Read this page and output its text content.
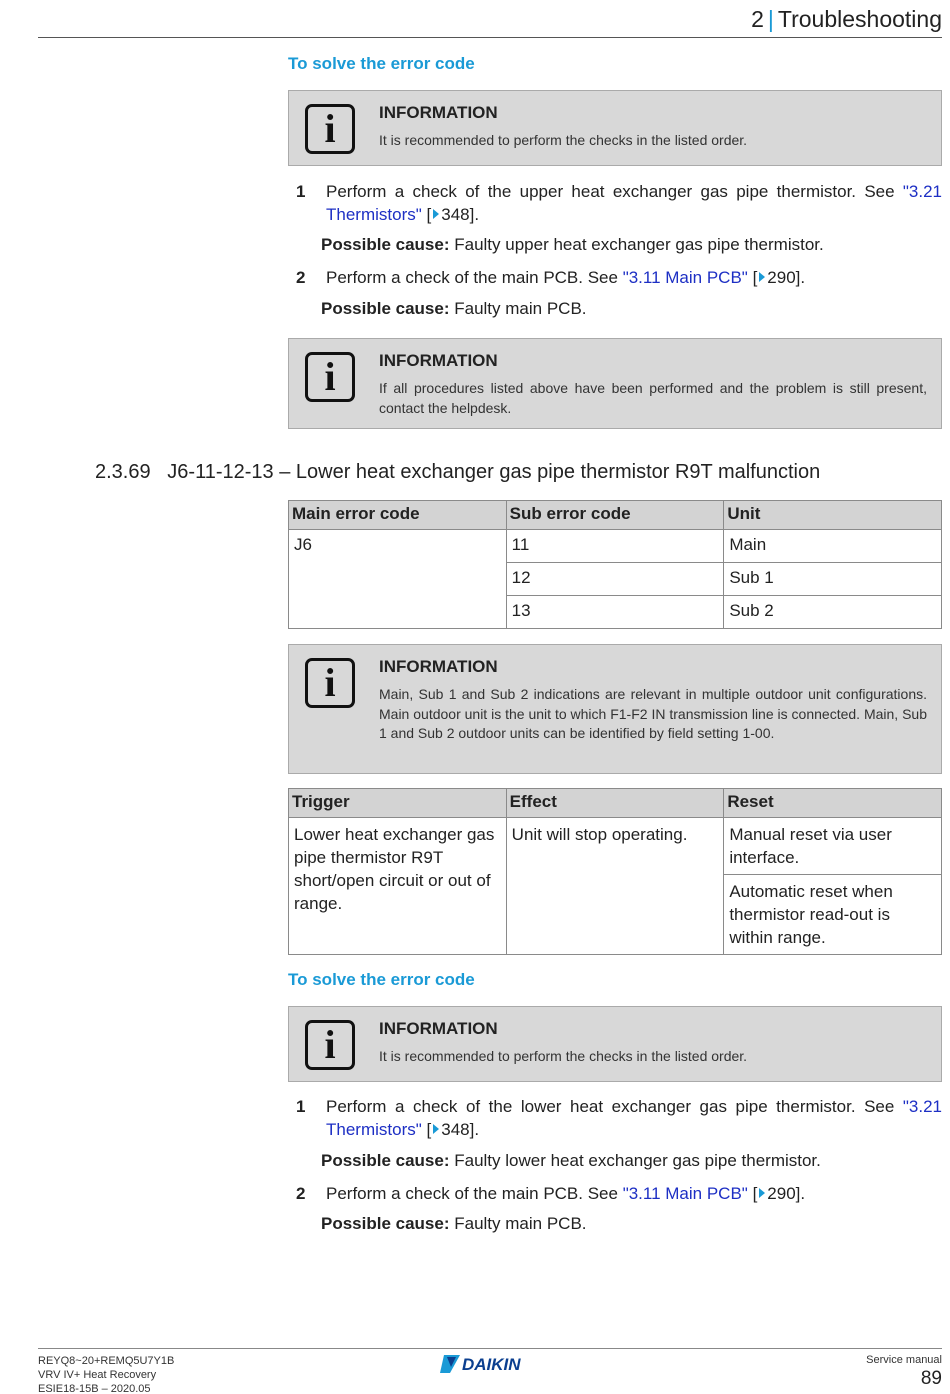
2 | Troubleshooting
To solve the error code
i	INFORMATION
It is recommended to perform the checks in the listed order.
1 Perform a check of the upper heat exchanger gas pipe thermistor. See "3.21 Thermistors" [ 348].
Possible cause: Faulty upper heat exchanger gas pipe thermistor.
2 Perform a check of the main PCB. See "3.11 Main PCB" [ 290].
Possible cause: Faulty main PCB.
i	INFORMATION
If all procedures listed above have been performed and the problem is still present, contact the helpdesk.
2.3.69 J6-11-12-13 – Lower heat exchanger gas pipe thermistor R9T malfunction
Main error code	Sub error code	Unit
J6	11	Main
	12	Sub 1
	13	Sub 2
i	INFORMATION
Main, Sub 1 and Sub 2 indications are relevant in multiple outdoor unit configurations. Main outdoor unit is the unit to which F1-F2 IN transmission line is connected. Main, Sub 1 and Sub 2 outdoor units can be identified by field setting 1-00.
Trigger	Effect	Reset
Lower heat exchanger gas pipe thermistor R9T short/open circuit or out of range.	Unit will stop operating.	Manual reset via user interface.
		Automatic reset when thermistor read-out is within range.
To solve the error code
i	INFORMATION
It is recommended to perform the checks in the listed order.
1 Perform a check of the lower heat exchanger gas pipe thermistor. See "3.21 Thermistors" [ 348].
Possible cause: Faulty lower heat exchanger gas pipe thermistor.
2 Perform a check of the main PCB. See "3.11 Main PCB" [ 290].
Possible cause: Faulty main PCB.
REYQ8~20+REMQ5U7Y1B
VRV IV+ Heat Recovery
ESIE18-15B – 2020.05
DAIKIN	Service manual
89
